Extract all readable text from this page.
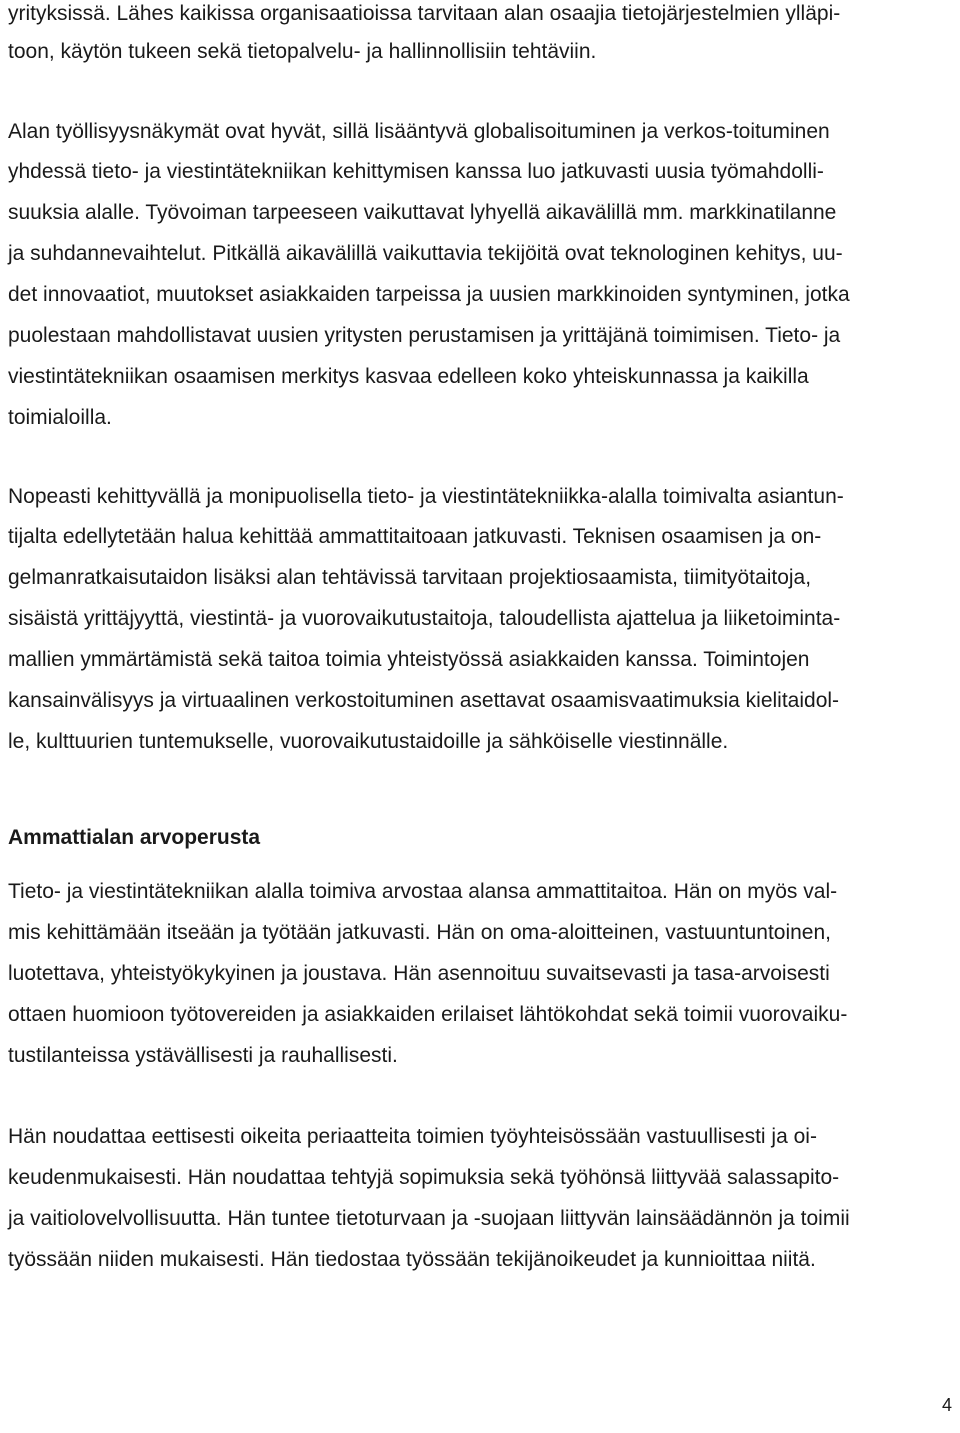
yrityksissä. Lähes kaikissa organisaatioissa tarvitaan alan osaajia tietojärjestelmien ylläpi-
toon, käytön tukeen sekä tietopalvelu- ja hallinnollisiin tehtäviin.
Alan työllisyysnäkymät ovat hyvät, sillä lisääntyvä globalisoituminen ja verkos-toituminen
yhdessä tieto- ja viestintätekniikan kehittymisen kanssa luo jatkuvasti uusia työmahdolli-
suuksia alalle. Työvoiman tarpeeseen vaikuttavat lyhyellä aikavälillä mm. markkinatilanne
ja suhdannevaihtelut. Pitkällä aikavälillä vaikuttavia tekijöitä ovat teknologinen kehitys, uu-
det innovaatiot, muutokset asiakkaiden tarpeissa ja uusien markkinoiden syntyminen, jotka
puolestaan mahdollistavat uusien yritysten perustamisen ja yrittäjänä toimimisen. Tieto- ja
viestintätekniikan osaamisen merkitys kasvaa edelleen koko yhteiskunnassa ja kaikilla
toimialoilla.
Nopeasti kehittyvällä ja monipuolisella tieto- ja viestintätekniikka-alalla toimivalta asiantun-
tijalta edellytetään halua kehittää ammattitaitoaan jatkuvasti. Teknisen osaamisen ja on-
gelmanratkaisutaidon lisäksi alan tehtävissä tarvitaan projektiosaamista, tiimityötaitoja,
sisäistä yrittäjyyttä, viestintä- ja vuorovaikutustaitoja, taloudellista ajattelua ja liiketoiminta-
mallien ymmärtämistä sekä taitoa toimia yhteistyössä asiakkaiden kanssa. Toimintojen
kansainvälisyys ja virtuaalinen verkostoituminen asettavat osaamisvaatimuksia kielitaidol-
le, kulttuurien tuntemukselle, vuorovaikutustaidoille ja sähköiselle viestinnälle.
Ammattialan arvoperusta
Tieto- ja viestintätekniikan alalla toimiva arvostaa alansa ammattitaitoa. Hän on myös val-
mis kehittämään itseään ja työtään jatkuvasti. Hän on oma-aloitteinen, vastuuntuntoinen,
luotettava, yhteistyökykyinen ja joustava. Hän asennoituu suvaitsevasti ja tasa-arvoisesti
ottaen huomioon työtovereiden ja asiakkaiden erilaiset lähtökohdat sekä toimii vuorovaiku-
tustilanteissa ystävällisesti ja rauhallisesti.
Hän noudattaa eettisesti oikeita periaatteita toimien työyhteisössään vastuullisesti ja oi-
keudenmukaisesti. Hän noudattaa tehtyjä sopimuksia sekä työhönsä liittyvää salassapito-
ja vaitiolovelvollisuutta. Hän tuntee tietoturvaan ja -suojaan liittyvän lainsäädännön ja toimii
työssään niiden mukaisesti. Hän tiedostaa työssään tekijänoikeudet ja kunnioittaa niitä.
4
